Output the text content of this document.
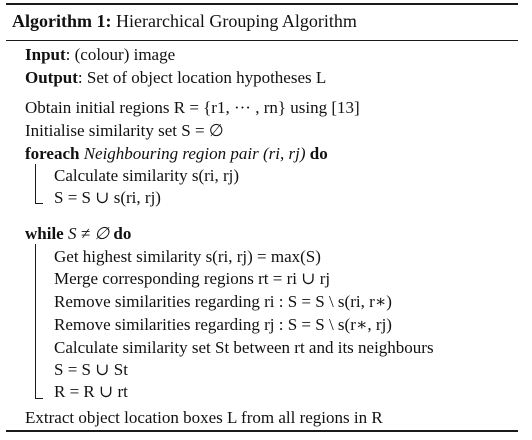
Algorithm 1: Hierarchical Grouping Algorithm
Input: (colour) image
Output: Set of object location hypotheses L
Obtain initial regions R = {r1, ··· , rn} using [13]
Initialise similarity set S = ∅
foreach Neighbouring region pair (ri, rj) do
Calculate similarity s(ri, rj)
S = S ∪ s(ri, rj)
while S ≠ ∅ do
Get highest similarity s(ri, rj) = max(S)
Merge corresponding regions rt = ri ∪ rj
Remove similarities regarding ri : S = S \ s(ri, r∗)
Remove similarities regarding rj : S = S \ s(r∗, rj)
Calculate similarity set St between rt and its neighbours
S = S ∪ St
R = R ∪ rt
Extract object location boxes L from all regions in R
